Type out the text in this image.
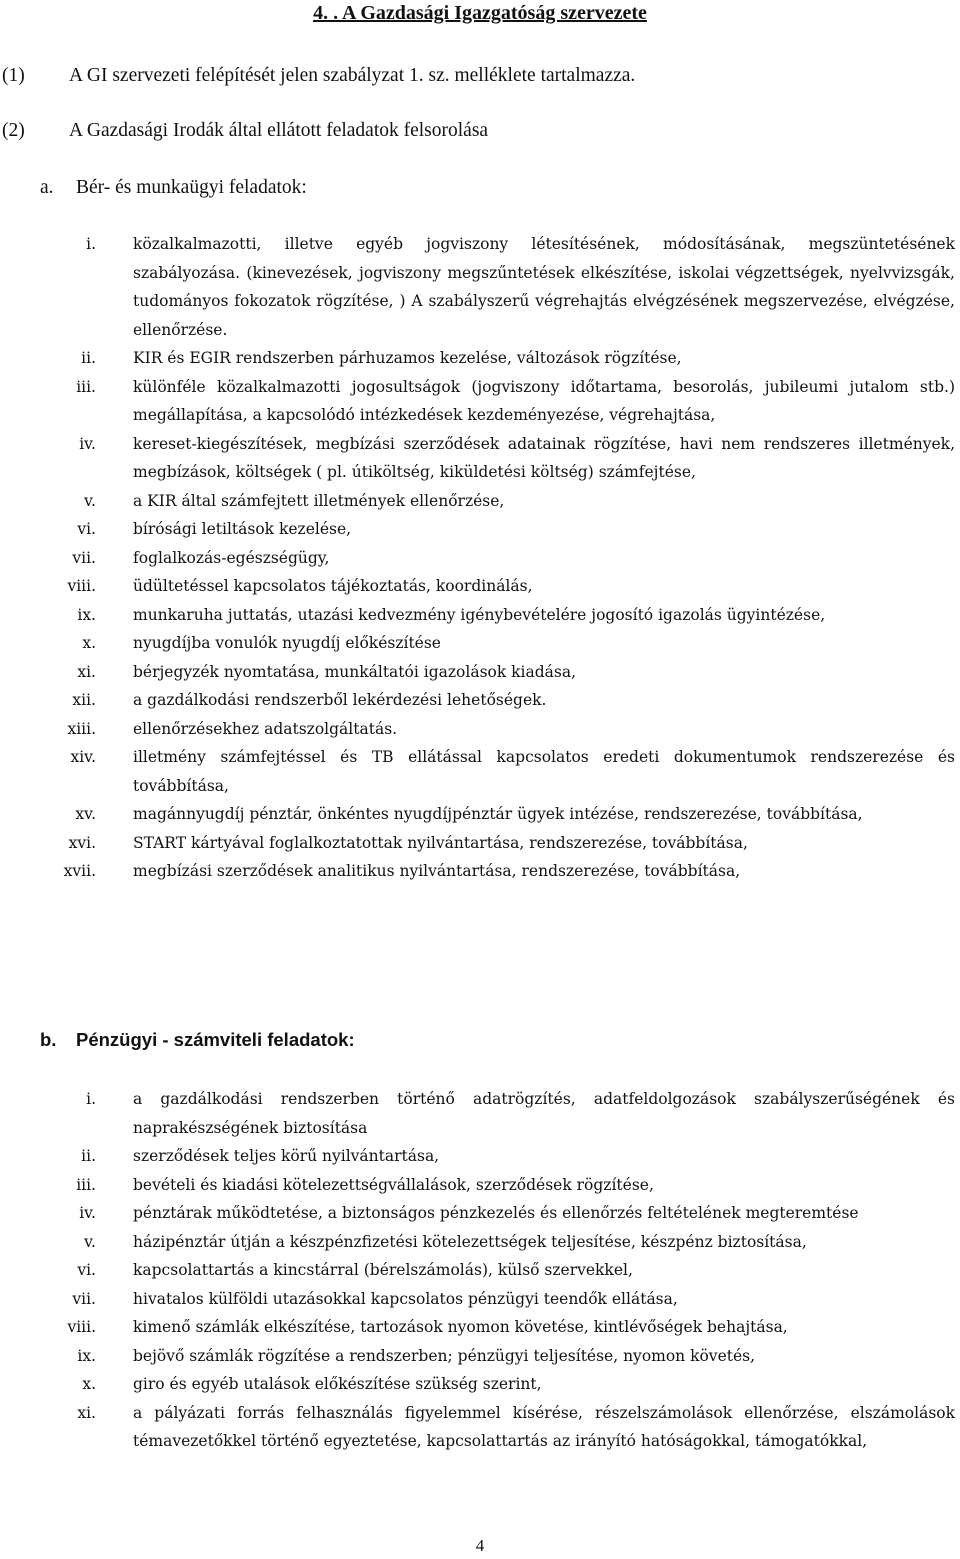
4. . A Gazdasági Igazgatóság szervezete
(1) A GI szervezeti felépítését jelen szabályzat 1. sz. melléklete tartalmazza.
(2) A Gazdasági Irodák által ellátott feladatok felsorolása
a. Bér- és munkaügyi feladatok:
i. közalkalmazotti, illetve egyéb jogviszony létesítésének, módosításának, megszüntetésének szabályozása. (kinevezések, jogviszony megszűntetések elkészítése, iskolai végzettségek, nyelvvizsgák, tudományos fokozatok rögzítése, ) A szabályszerű végrehajtás elvégzésének megszervezése, elvégzése, ellenőrzése.
ii. KIR és EGIR rendszerben párhuzamos kezelése, változások rögzítése,
iii. különféle közalkalmazotti jogosultságok (jogviszony időtartama, besorolás, jubileumi jutalom stb.) megállapítása, a kapcsolódó intézkedések kezdeményezése, végrehajtása,
iv. kereset-kiegészítések, megbízási szerződések adatainak rögzítése, havi nem rendszeres illetmények, megbízások, költségek ( pl. útiköltség, kiküldetési költség) számfejtése,
v. a KIR által számfejtett illetmények ellenőrzése,
vi. bírósági letiltások kezelése,
vii. foglalkozás-egészségügy,
viii. üdültetéssel kapcsolatos tájékoztatás, koordinálás,
ix. munkaruha juttatás, utazási kedvezmény igénybevételére jogosító igazolás ügyintézése,
x. nyugdíjba vonulók nyugdíj előkészítése
xi. bérjegyzék nyomtatása, munkáltatói igazolások kiadása,
xii. a gazdálkodási rendszerből lekérdezési lehetőségek.
xiii. ellenőrzésekhez adatszolgáltatás.
xiv. illetmény számfejtéssel és TB ellátással kapcsolatos eredeti dokumentumok rendszerezése és továbbítása,
xv. magánnyugdíj pénztár, önkéntes nyugdíjpénztár ügyek intézése, rendszerezése, továbbítása,
xvi. START kártyával foglalkoztatottak nyilvántartása, rendszerezése, továbbítása,
xvii. megbízási szerződések analitikus nyilvántartása, rendszerezése, továbbítása,
b. Pénzügyi - számviteli feladatok:
i. a gazdálkodási rendszerben történő adatrögzítés, adatfeldolgozások szabályszerűségének és naprakészségének biztosítása
ii. szerződések teljes körű nyilvántartása,
iii. bevételi és kiadási kötelezettségvállalások, szerződések rögzítése,
iv. pénztárak működtetése, a biztonságos pénzkezelés és ellenőrzés feltételének megteremtése
v. házipénztár útján a készpénzfizetési kötelezettségek teljesítése, készpénz biztosítása,
vi. kapcsolattartás a kincstárral (bérelszámolás), külső szervekkel,
vii. hivatalos külföldi utazásokkal kapcsolatos pénzügyi teendők ellátása,
viii. kimenő számlák elkészítése, tartozások nyomon követése, kintlévőségek behajtása,
ix. bejövő számlák rögzítése a rendszerben; pénzügyi teljesítése, nyomon követés,
x. giro és egyéb utalások előkészítése szükség szerint,
xi. a pályázati forrás felhasználás figyelemmel kísérése, részelszámolások ellenőrzése, elszámolások témavezetőkkel történő egyeztetése, kapcsolattartás az irányító hatóságokkal, támogatókkal,
4
